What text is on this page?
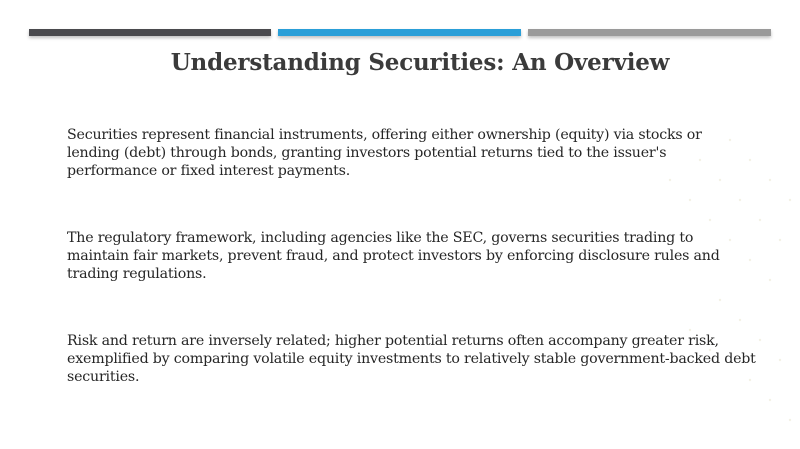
Understanding Securities: An Overview

Securities represent financial instruments, offering either ownership (equity) via stocks or lending (debt) through bonds, granting investors potential returns tied to the issuer's performance or fixed interest payments.

The regulatory framework, including agencies like the SEC, governs securities trading to maintain fair markets, prevent fraud, and protect investors by enforcing disclosure rules and trading regulations.

Risk and return are inversely related; higher potential returns often accompany greater risk, exemplified by comparing volatile equity investments to relatively stable government-backed debt securities.
